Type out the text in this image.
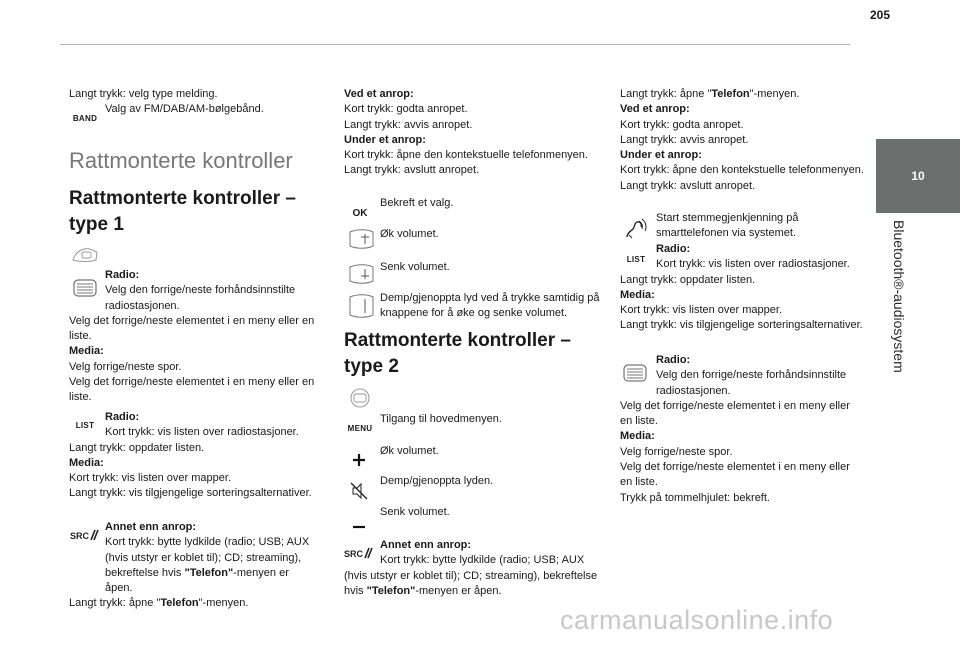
205
10
Bluetooth®-audiosystem

Langt trykk: velg type melding.

BAND
Valg av FM/DAB/AM-bølgebånd.
Rattmonterte kontroller
Rattmonterte kontroller – type 1

Radio:

Velg den forrige/neste forhåndsinnstilte radiostasjonen.

Velg det forrige/neste elementet i en meny eller en liste.

Media:

Velg forrige/neste spor.

Velg det forrige/neste elementet i en meny eller en liste.

LIST

Radio:

Kort trykk: vis listen over radiostasjoner.

Langt trykk: oppdater listen.

Media:

Kort trykk: vis listen over mapper.

Langt trykk: vis tilgjengelige sorteringsalternativer.

SRC

Annet enn anrop:

Kort trykk: bytte lydkilde (radio; USB; AUX (hvis utstyr er koblet til); CD; streaming), bekreftelse hvis "Telefon"-menyen er åpen.

Langt trykk: åpne "Telefon"-menyen.

Ved et anrop:

Kort trykk: godta anropet.

Langt trykk: avvis anropet.

Under et anrop:

Kort trykk: åpne den kontekstuelle telefonmenyen.

Langt trykk: avslutt anropet.

OK
Bekreft et valg.
Øk volumet.
Senk volumet.
Demp/gjenoppta lyd ved å trykke samtidig på knappene for å øke og senke volumet.
Rattmonterte kontroller – type 2
MENU
Tilgang til hovedmenyen.
Øk volumet.
Demp/gjenoppta lyden.
Senk volumet.
SRC

Annet enn anrop:

Kort trykk: bytte lydkilde (radio; USB; AUX (hvis utstyr er koblet til); CD; streaming), bekreftelse hvis "Telefon"-menyen er åpen.

Langt trykk: åpne "Telefon"-menyen.

Ved et anrop:

Kort trykk: godta anropet.

Langt trykk: avvis anropet.

Under et anrop:

Kort trykk: åpne den kontekstuelle telefonmenyen.

Langt trykk: avslutt anropet.

Start stemmegjenkjenning på smarttelefonen via systemet.
LIST

Radio:

Kort trykk: vis listen over radiostasjoner.

Langt trykk: oppdater listen.

Media:

Kort trykk: vis listen over mapper.

Langt trykk: vis tilgjengelige sorteringsalternativer.

Radio:

Velg den forrige/neste forhåndsinnstilte radiostasjonen.

Velg det forrige/neste elementet i en meny eller en liste.

Media:

Velg forrige/neste spor.

Velg det forrige/neste elementet i en meny eller en liste.

Trykk på tommelhjulet: bekreft.

carmanualsonline.info
